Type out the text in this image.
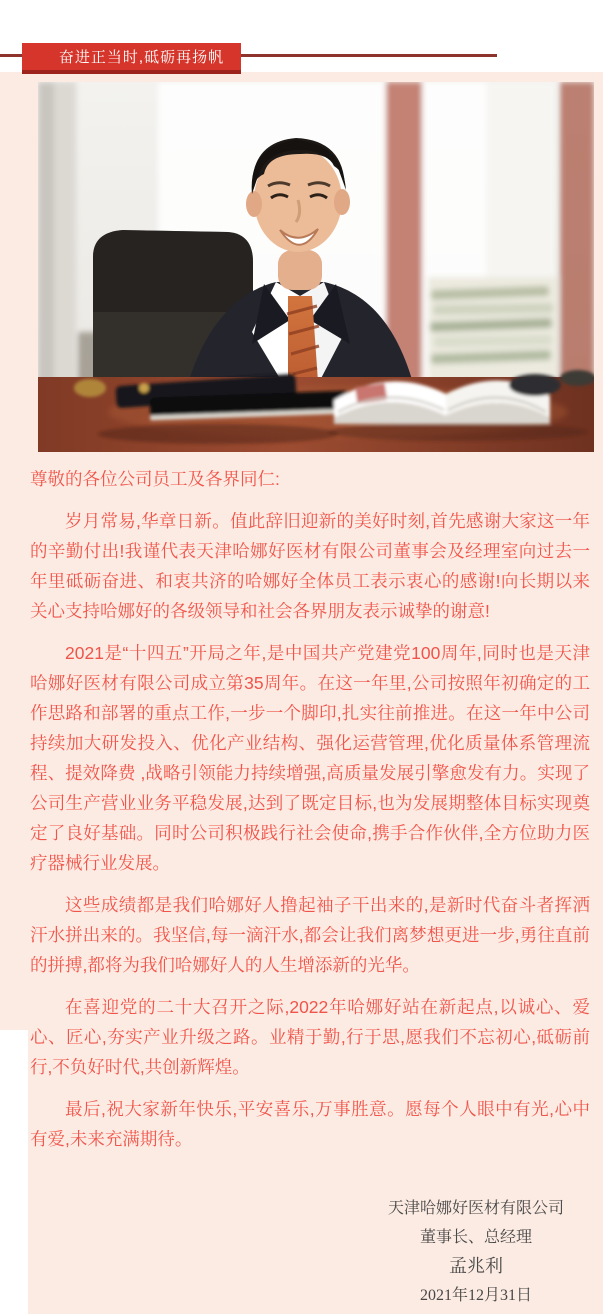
奋进正当时,砥砺再扬帆

尊敬的各位公司员工及各界同仁:

岁月常易,华章日新。值此辞旧迎新的美好时刻,首先感谢大家这一年的辛勤付出!我谨代表天津哈娜好医材有限公司董事会及经理室向过去一年里砥砺奋进、和衷共济的哈娜好全体员工表示衷心的感谢!向长期以来关心支持哈娜好的各级领导和社会各界朋友表示诚挚的谢意!

2021是“十四五”开局之年,是中国共产党建党100周年,同时也是天津哈娜好医材有限公司成立第35周年。在这一年里,公司按照年初确定的工作思路和部署的重点工作,一步一个脚印,扎实往前推进。在这一年中公司持续加大研发投入、优化产业结构、强化运营管理,优化质量体系管理流程、提效降费 ,战略引领能力持续增强,高质量发展引擎愈发有力。实现了公司生产营业业务平稳发展,达到了既定目标,也为发展期整体目标实现奠定了良好基础。同时公司积极践行社会使命,携手合作伙伴,全方位助力医疗器械行业发展。

这些成绩都是我们哈娜好人撸起袖子干出来的,是新时代奋斗者挥洒汗水拼出来的。我坚信,每一滴汗水,都会让我们离梦想更进一步,勇往直前的拼搏,都将为我们哈娜好人的人生增添新的光华。

在喜迎党的二十大召开之际,2022年哈娜好站在新起点,以诚心、爱心、匠心,夯实产业升级之路。业精于勤,行于思,愿我们不忘初心,砥砺前行,不负好时代,共创新辉煌。

最后,祝大家新年快乐,平安喜乐,万事胜意。愿每个人眼中有光,心中有爱,未来充满期待。

天津哈娜好医材有限公司
董事长、总经理
孟兆利
2021年12月31日
